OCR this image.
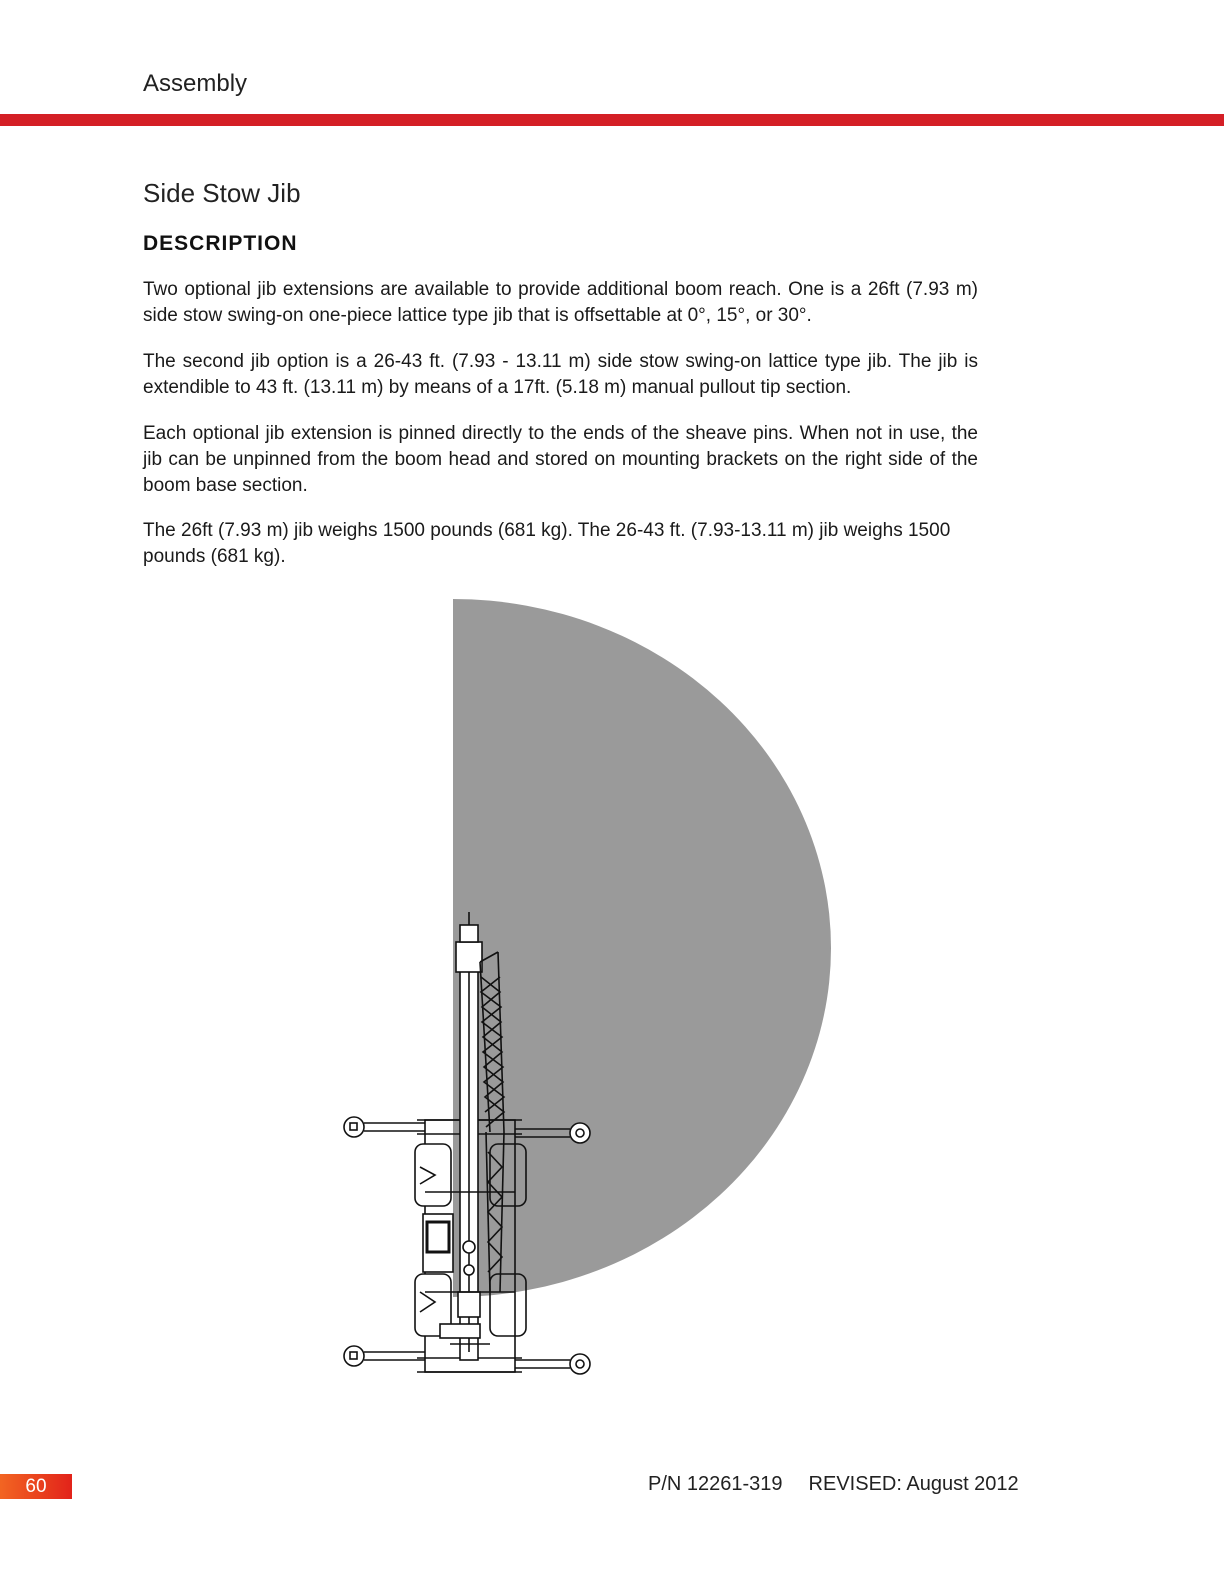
Assembly
Side Stow Jib
DESCRIPTION

Two optional jib extensions are available to provide additional boom reach. One is a 26ft (7.93 m) side stow swing-on one-piece lattice type jib that is offsettable at 0°, 15°, or 30°.

The second jib option is a 26-43 ft. (7.93 - 13.11 m) side stow swing-on lattice type jib. The jib is extendible to 43 ft. (13.11 m) by means of a 17ft. (5.18 m) manual pullout tip section.

Each optional jib extension is pinned directly to the ends of the sheave pins. When not in use, the jib can be unpinned from the boom head and stored on mounting brackets on the right side of the boom base section.

The 26ft (7.93 m) jib weighs 1500 pounds (681 kg). The 26-43 ft. (7.93-13.11 m) jib weighs 1500 pounds (681 kg).

60	P/N 12261-319 REVISED: August 2012
